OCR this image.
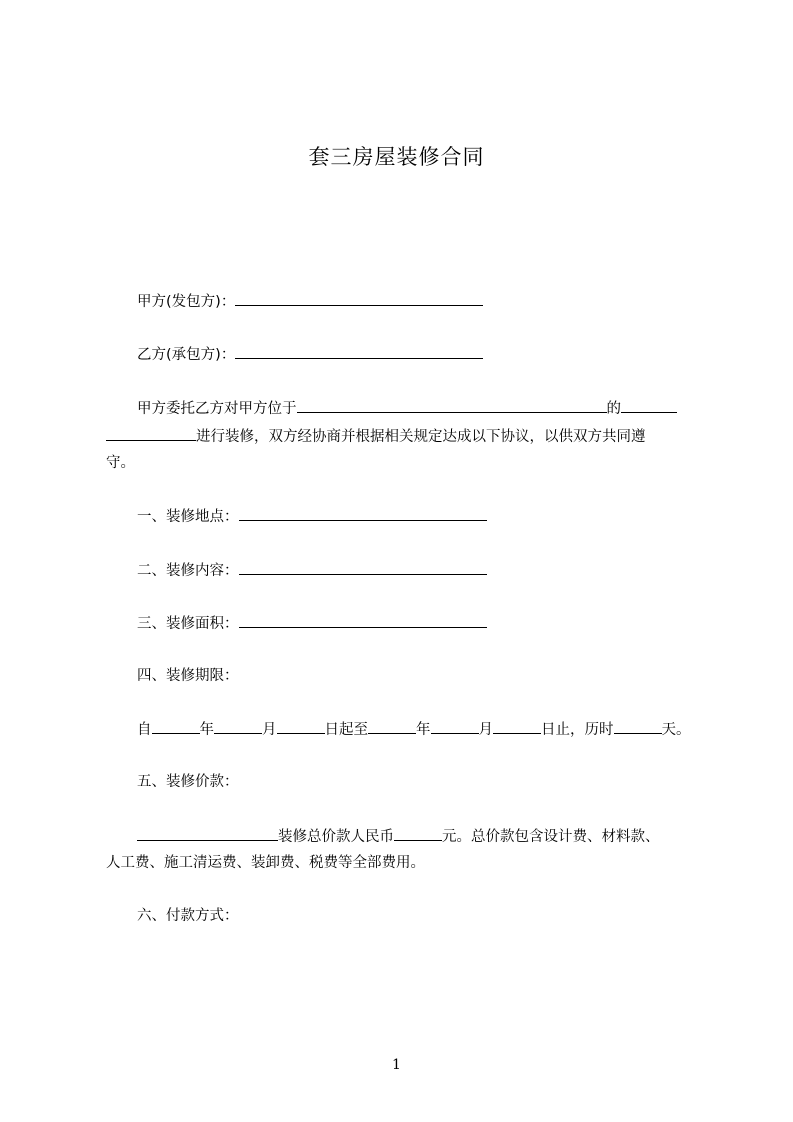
套三房屋装修合同
甲方(发包方)：
乙方(承包方)：
甲方委托乙方对甲方位于	的
进行装修，双方经协商并根据相关规定达成以下协议，以供双方共同遵
守。
一、装修地点：
二、装修内容：
三、装修面积：
四、装修期限：
自	年	月	日起至	年	月	日止，历时	天。
五、装修价款：
装修总价款人民币	元。总价款包含设计费、材料款、
人工费、施工清运费、装卸费、税费等全部费用。
六、付款方式：
1
